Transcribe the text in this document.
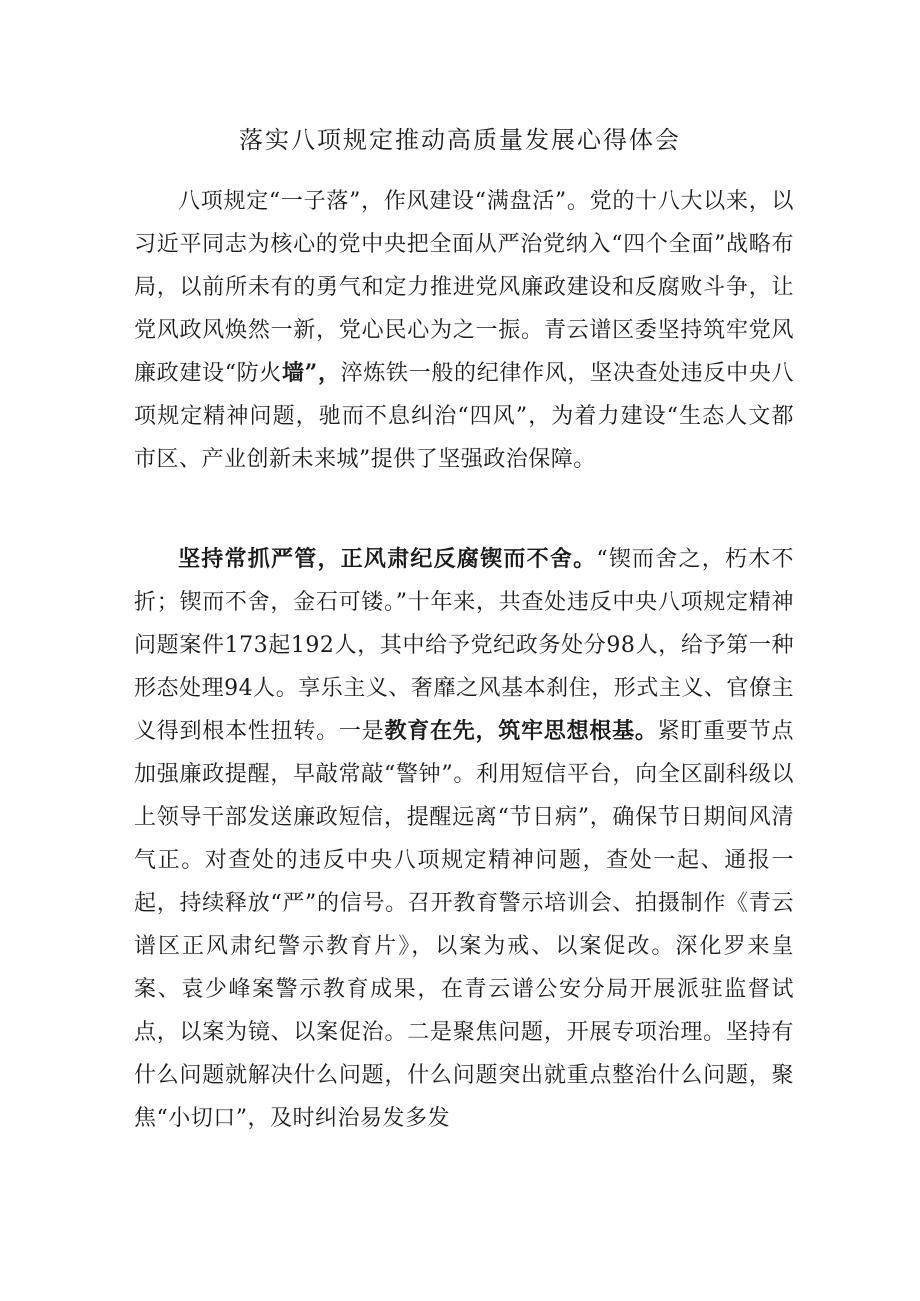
落实八项规定推动高质量发展心得体会

八项规定“一子落”，作风建设“满盘活”。党的十八大以来，以习近平同志为核心的党中央把全面从严治党纳入“四个全面”战略布局，以前所未有的勇气和定力推进党风廉政建设和反腐败斗争，让党风政风焕然一新，党心民心为之一振。青云谱区委坚持筑牢党风廉政建设“防火墙”，淬炼铁一般的纪律作风，坚决查处违反中央八项规定精神问题，驰而不息纠治“四风”，为着力建设“生态人文都市区、产业创新未来城”提供了坚强政治保障。

坚持常抓严管，正风肃纪反腐锲而不舍。“锲而舍之，朽木不折；锲而不舍，金石可镂。”十年来，共查处违反中央八项规定精神问题案件173起192人，其中给予党纪政务处分98人，给予第一种形态处理94人。享乐主义、奢靡之风基本刹住，形式主义、官僚主义得到根本性扭转。一是教育在先，筑牢思想根基。紧盯重要节点加强廉政提醒，早敲常敲“警钟”。利用短信平台，向全区副科级以上领导干部发送廉政短信，提醒远离“节日病”，确保节日期间风清气正。对查处的违反中央八项规定精神问题，查处一起、通报一起，持续释放“严”的信号。召开教育警示培训会、拍摄制作《青云谱区正风肃纪警示教育片》，以案为戒、以案促改。深化罗来皇案、袁少峰案警示教育成果，在青云谱公安分局开展派驻监督试点，以案为镜、以案促治。二是聚焦问题，开展专项治理。坚持有什么问题就解决什么问题，什么问题突出就重点整治什么问题，聚焦“小切口”，及时纠治易发多发
